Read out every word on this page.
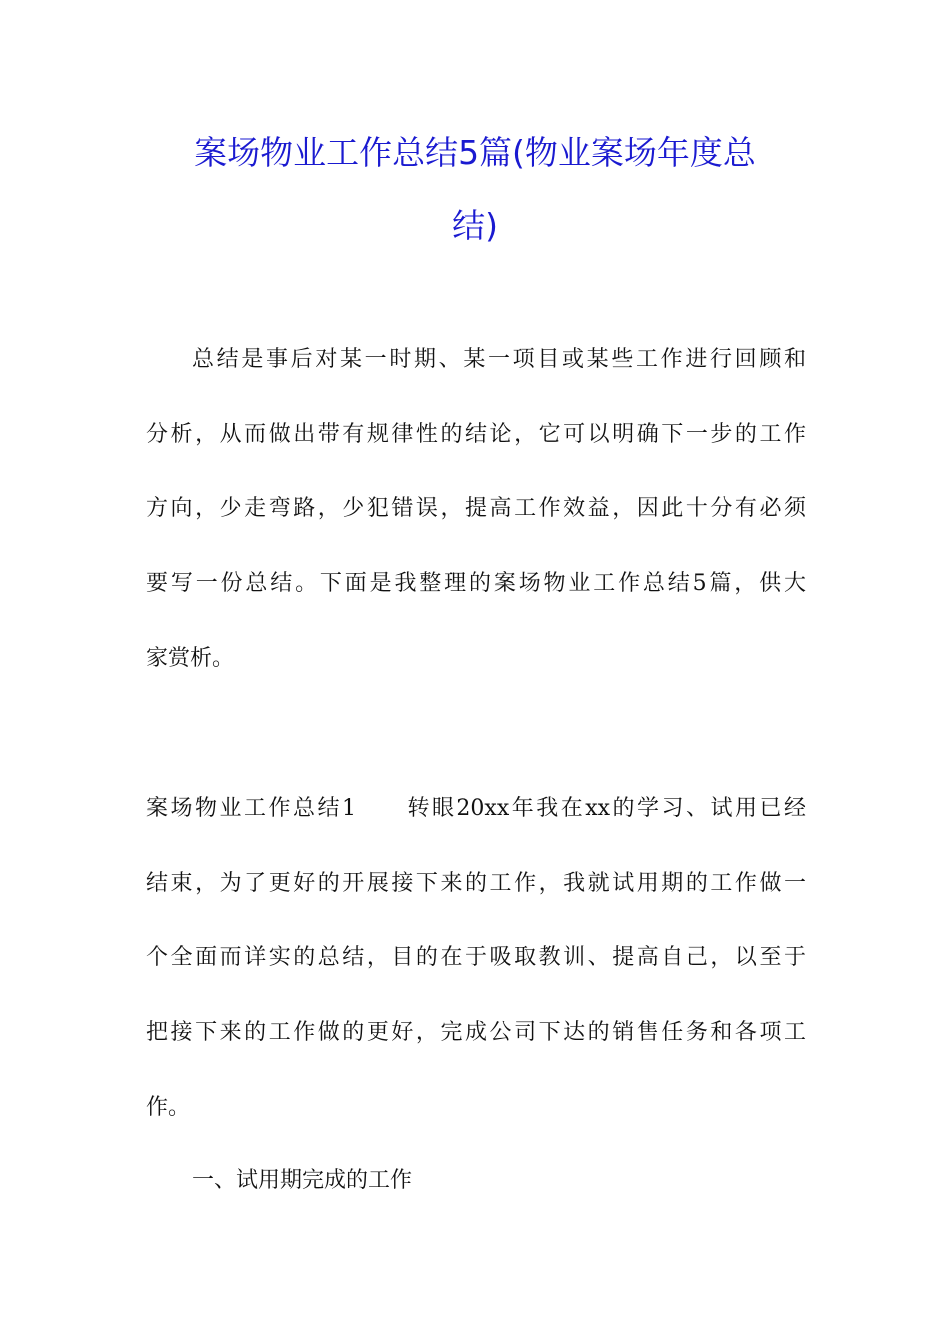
案场物业工作总结5篇(物业案场年度总
结)
总结是事后对某一时期、某一项目或某些工作进行回顾和
分析，从而做出带有规律性的结论，它可以明确下一步的工作
方向，少走弯路，少犯错误，提高工作效益，因此十分有必须
要写一份总结。下面是我整理的案场物业工作总结5篇，供大
家赏析。
案场物业工作总结1　　转眼20xx年我在xx的学习、试用已经
结束，为了更好的开展接下来的工作，我就试用期的工作做一
个全面而详实的总结，目的在于吸取教训、提高自己，以至于
把接下来的工作做的更好，完成公司下达的销售任务和各项工
作。
一、试用期完成的工作
